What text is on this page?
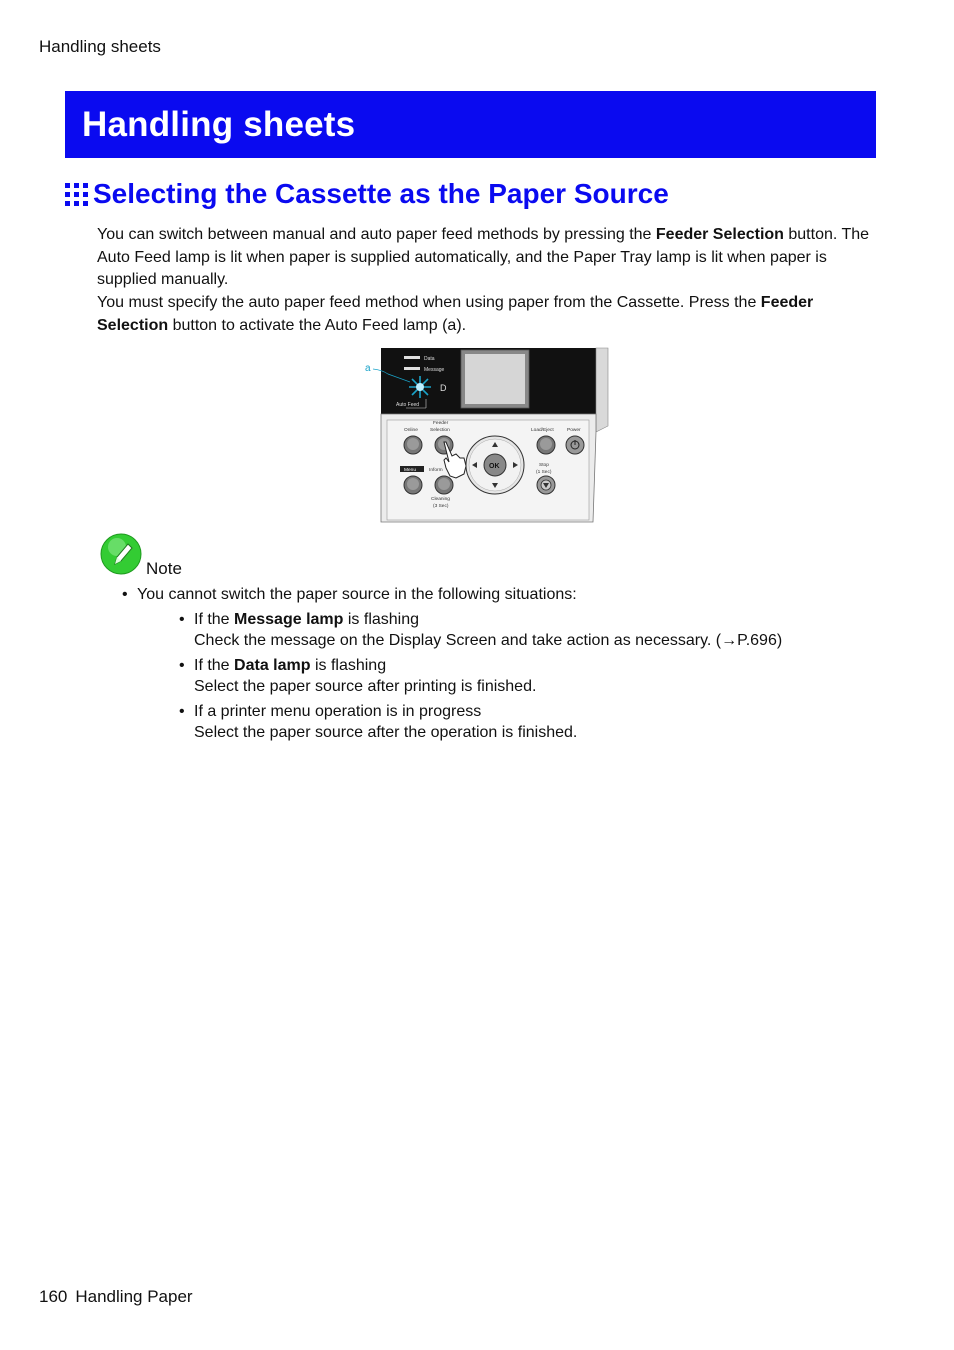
Handling sheets
Handling sheets
Selecting the Cassette as the Paper Source

You can switch between manual and auto paper feed methods by pressing the Feeder Selection button. The Auto Feed lamp is lit when paper is supplied automatically, and the Paper Tray lamp is lit when paper is supplied manually.

You must specify the auto paper feed method when using paper from the Cassette. Press the Feeder Selection button to activate the Auto Feed lamp (a).

Data
Message
D
Auto Feed
a
Online
Feeder
Selection
OK
Load/Eject	Power
Menu	Inform
Cleaning
(3 Sec)
Stop
(1 Sec)
Note
• You cannot switch the paper source in the following situations:
• If the Message lamp is flashing
Check the message on the Display Screen and take action as necessary. (→P.696)
• If the Data lamp is flashing
Select the paper source after printing is finished.
• If a printer menu operation is in progress
Select the paper source after the operation is finished.
160 Handling Paper
